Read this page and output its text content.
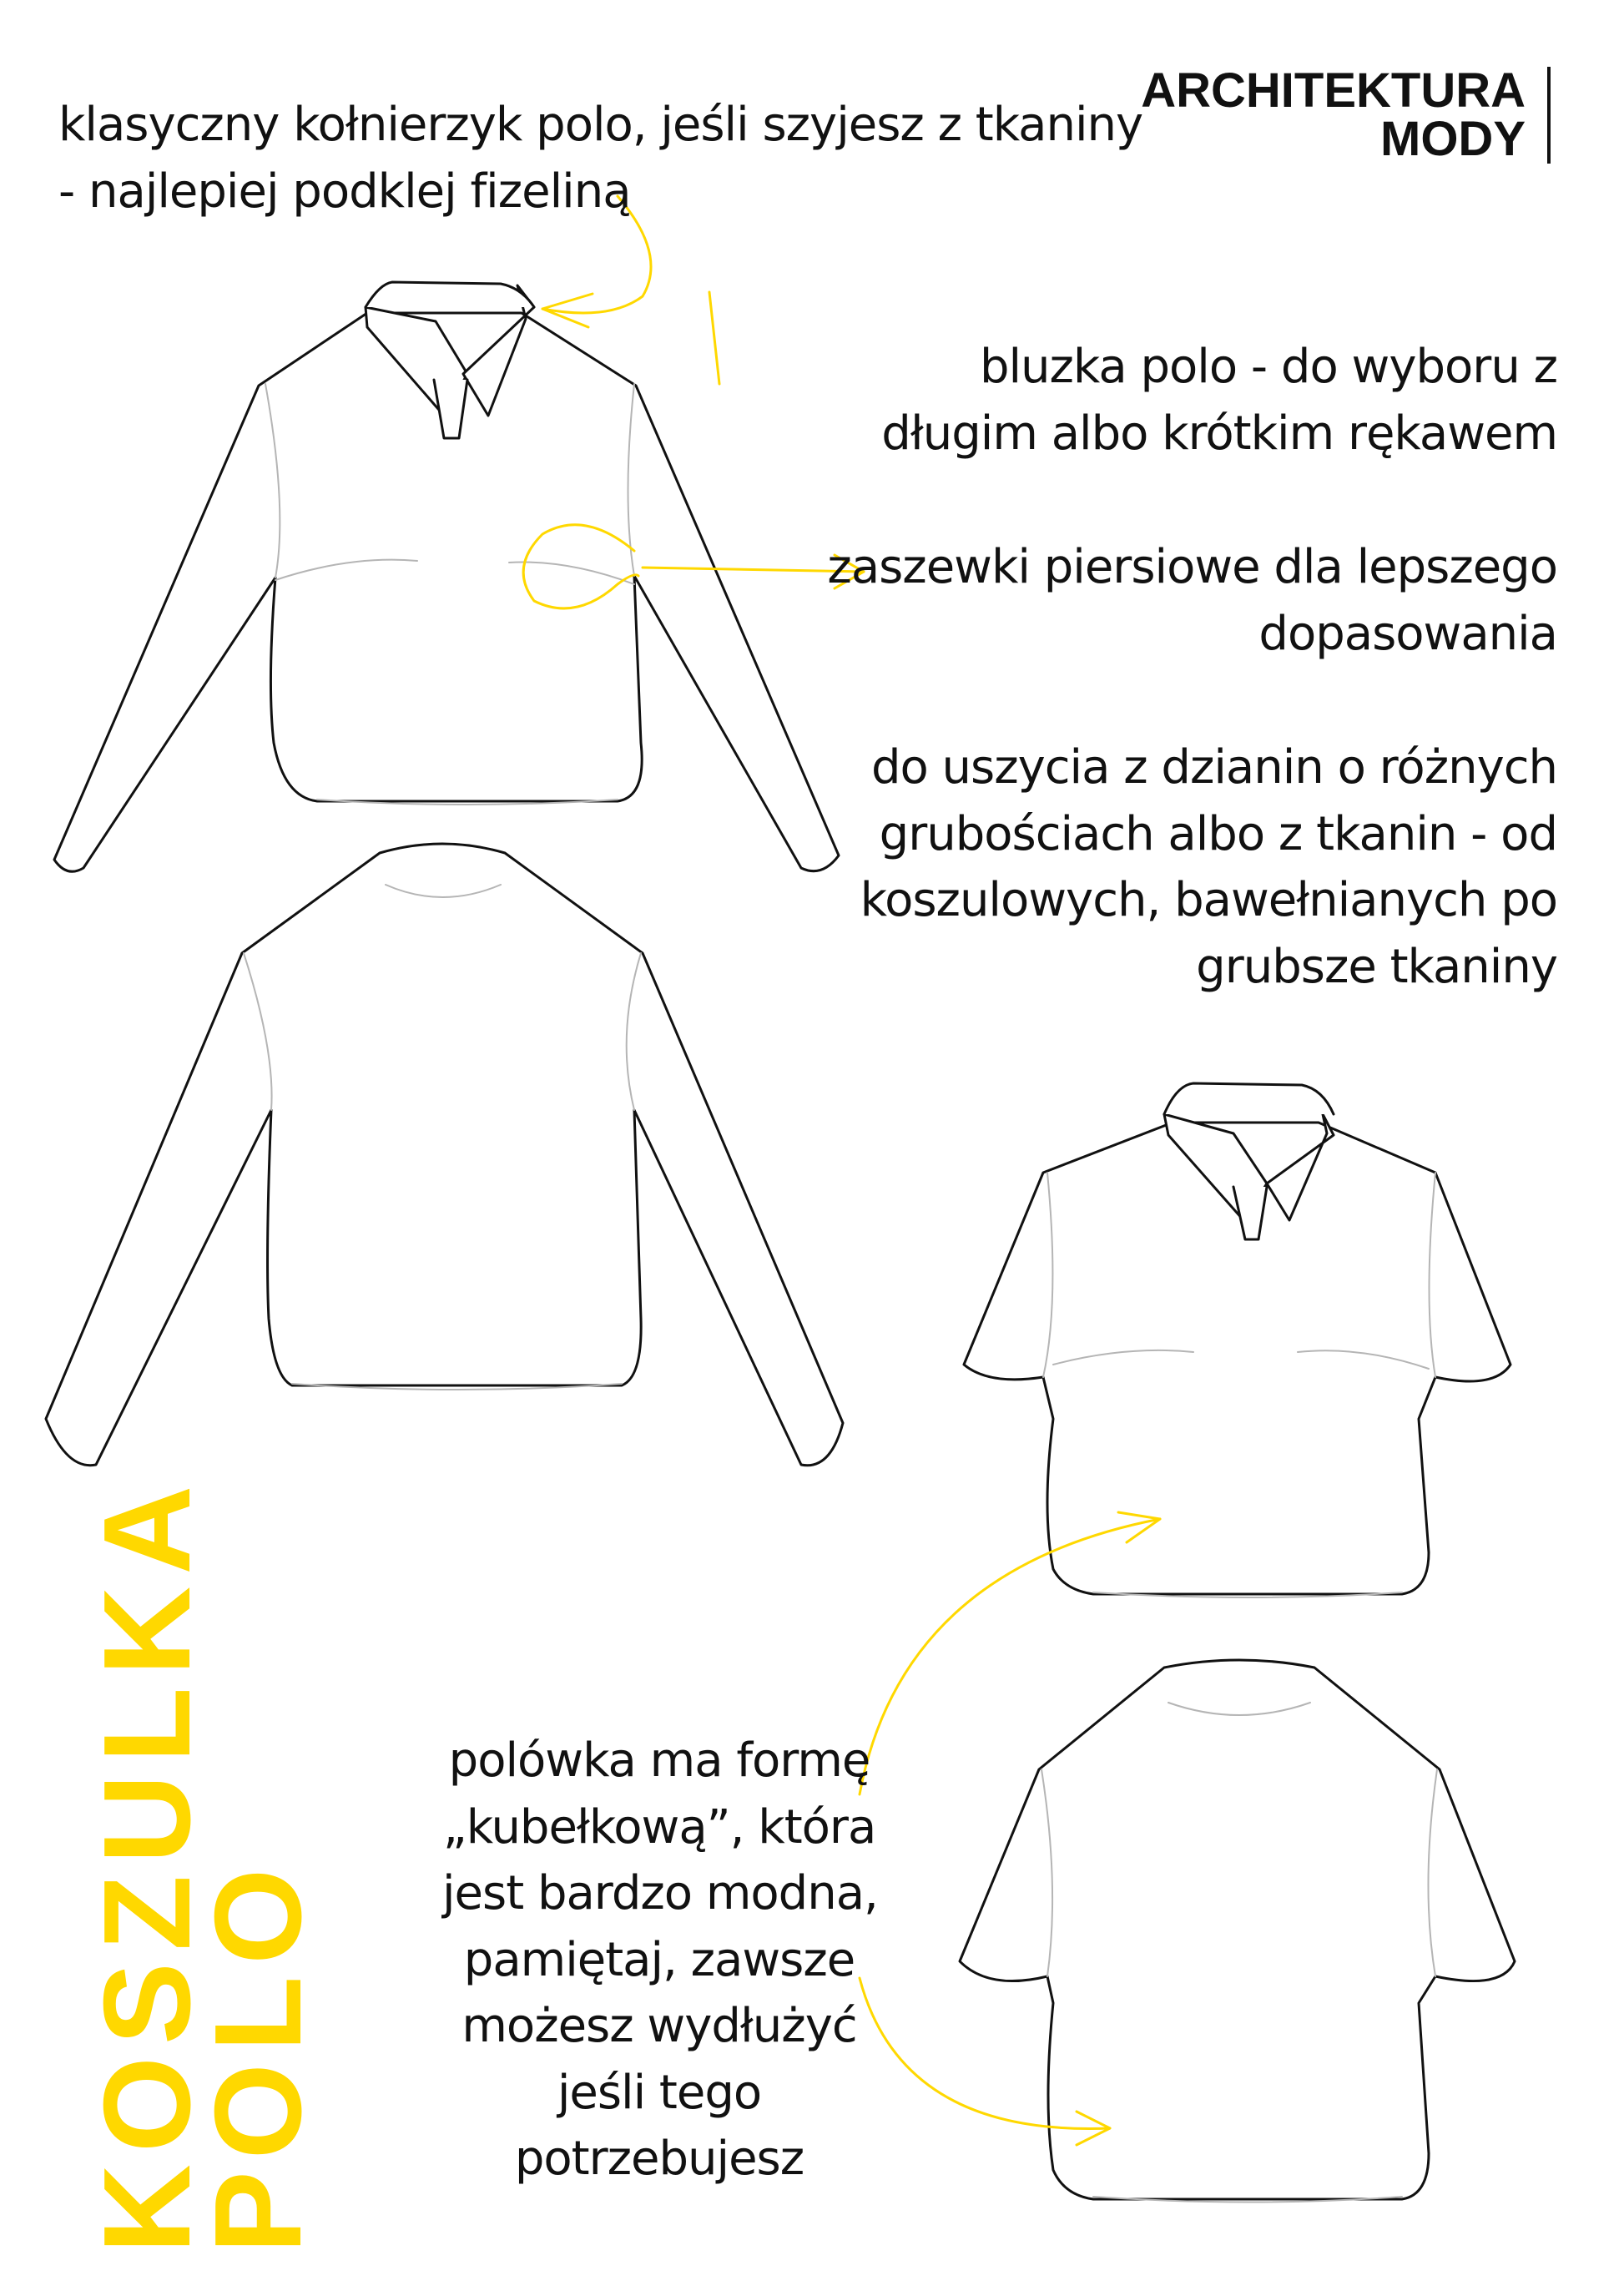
ARCHITEKTURA
MODY

klasyczny kołnierzyk polo, jeśli szyjesz z tkaniny
- najlepiej podklej fizeliną

bluzka polo - do wyboru z
długim albo krótkim rękawem

zaszewki piersiowe dla lepszego
dopasowania

do uszycia z dzianin o różnych
grubościach albo z tkanin - od
koszulowych, bawełnianych po
grubsze tkaniny

polówka ma formę
„kubełkową”, która
jest bardzo modna,
pamiętaj, zawsze
możesz wydłużyć
jeśli tego
potrzebujesz

KOSZULKA
POLO
